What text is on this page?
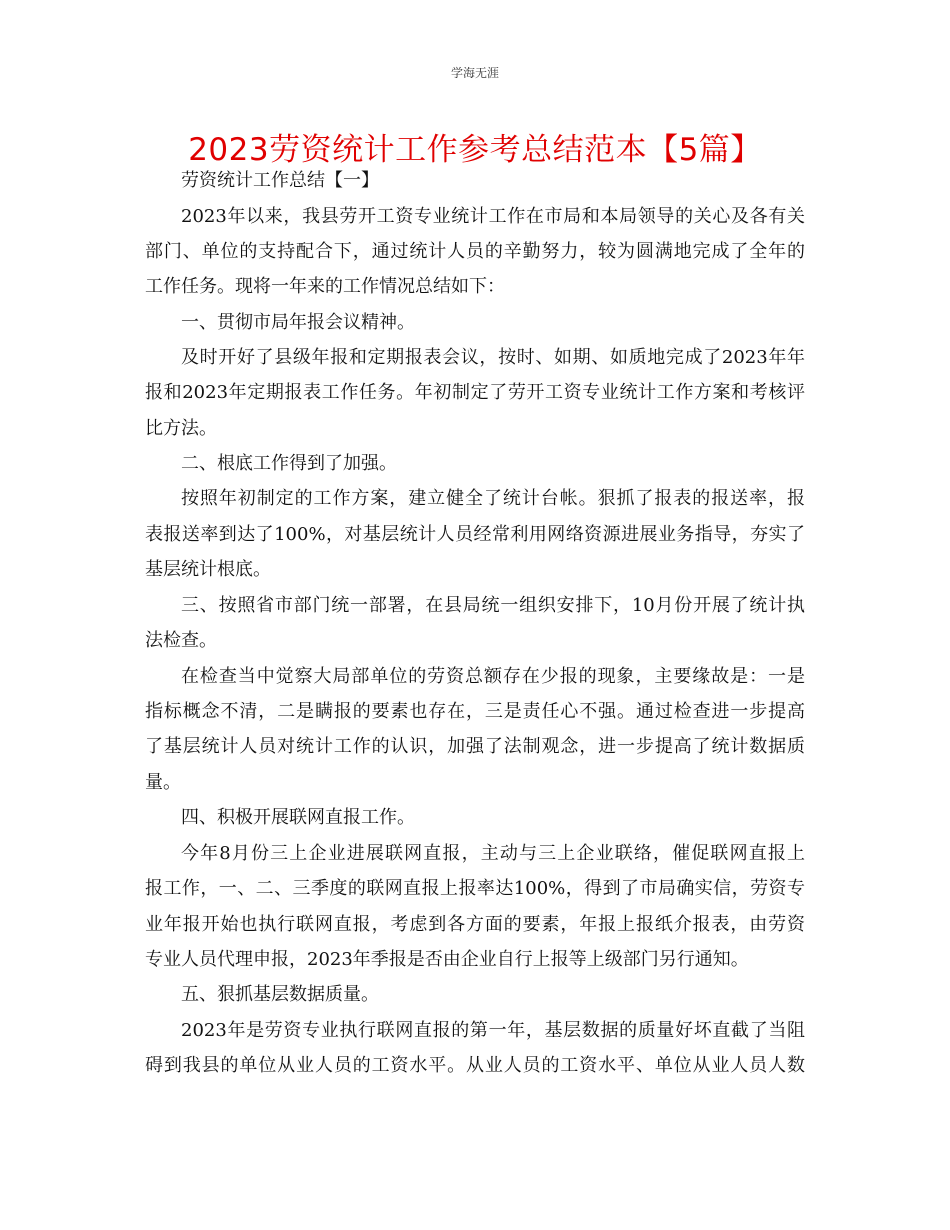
学海无涯
2023劳资统计工作参考总结范本【5篇】
劳资统计工作总结【一】
2023年以来，我县劳开工资专业统计工作在市局和本局领导的关心及各有关
部门、单位的支持配合下，通过统计人员的辛勤努力，较为圆满地完成了全年的
工作任务。现将一年来的工作情况总结如下：
一、贯彻市局年报会议精神。
及时开好了县级年报和定期报表会议，按时、如期、如质地完成了2023年年
报和2023年定期报表工作任务。年初制定了劳开工资专业统计工作方案和考核评
比方法。
二、根底工作得到了加强。
按照年初制定的工作方案，建立健全了统计台帐。狠抓了报表的报送率，报
表报送率到达了100%，对基层统计人员经常利用网络资源进展业务指导，夯实了
基层统计根底。
三、按照省市部门统一部署，在县局统一组织安排下，10月份开展了统计执
法检查。
在检查当中觉察大局部单位的劳资总额存在少报的现象，主要缘故是：一是
指标概念不清，二是瞒报的要素也存在，三是责任心不强。通过检查进一步提高
了基层统计人员对统计工作的认识，加强了法制观念，进一步提高了统计数据质
量。
四、积极开展联网直报工作。
今年8月份三上企业进展联网直报，主动与三上企业联络，催促联网直报上
报工作，一、二、三季度的联网直报上报率达100%，得到了市局确实信，劳资专
业年报开始也执行联网直报，考虑到各方面的要素，年报上报纸介报表，由劳资
专业人员代理申报，2023年季报是否由企业自行上报等上级部门另行通知。
五、狠抓基层数据质量。
2023年是劳资专业执行联网直报的第一年，基层数据的质量好坏直截了当阻
碍到我县的单位从业人员的工资水平。从业人员的工资水平、单位从业人员人数
